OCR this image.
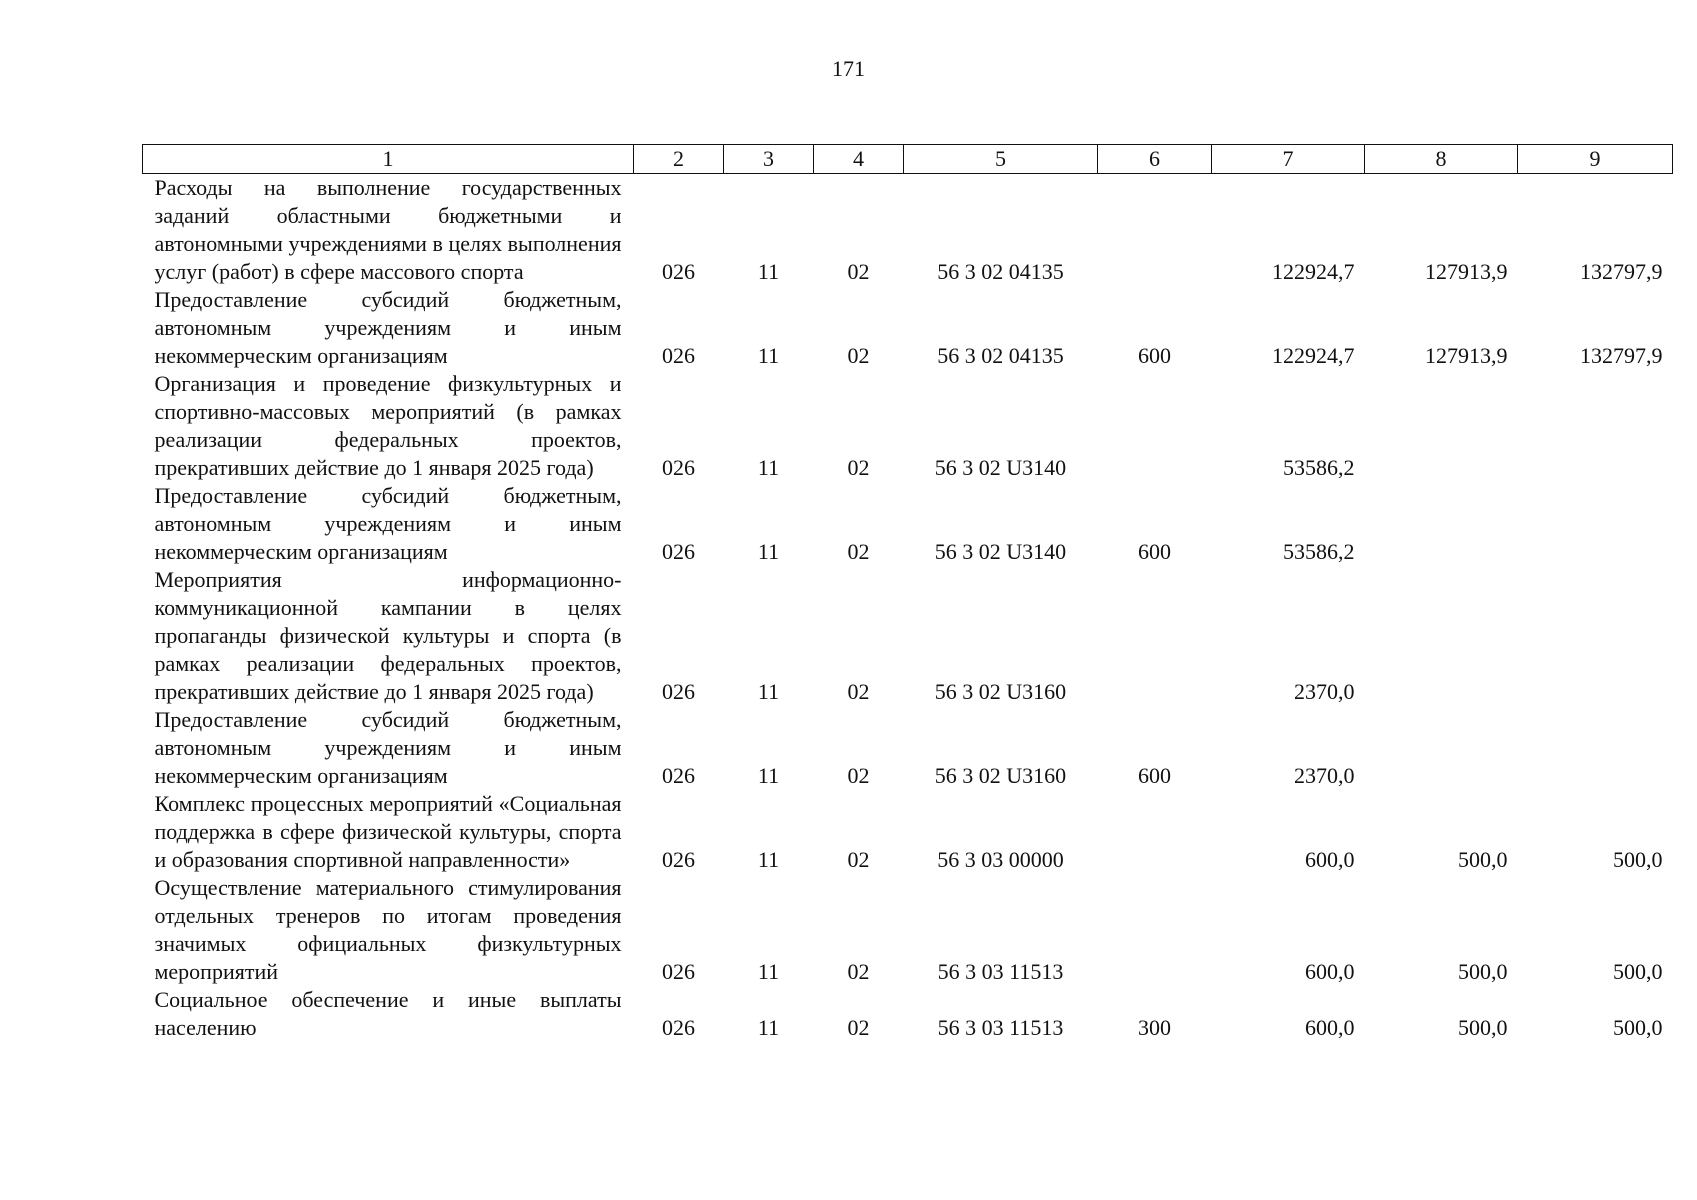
171
1	2	3	4	5	6	7	8	9
Расходы на выполнение государственных заданий областными бюджетными и автономными учреждениями в целях выполнения услуг (работ) в сфере массового спорта	026	11	02	56 3 02 04135		122924,7	127913,9	132797,9
Предоставление субсидий бюджетным, автономным учреждениям и иным некоммерческим организациям	026	11	02	56 3 02 04135	600	122924,7	127913,9	132797,9
Организация и проведение физкультурных и спортивно-массовых мероприятий (в рамках реализации федеральных проектов, прекративших действие до 1 января 2025 года)	026	11	02	56 3 02 U3140		53586,2		
Предоставление субсидий бюджетным, автономным учреждениям и иным некоммерческим организациям	026	11	02	56 3 02 U3140	600	53586,2		
Мероприятия информационно-коммуникационной кампании в целях пропаганды физической культуры и спорта (в рамках реализации федеральных проектов, прекративших действие до 1 января 2025 года)	026	11	02	56 3 02 U3160		2370,0		
Предоставление субсидий бюджетным, автономным учреждениям и иным некоммерческим организациям	026	11	02	56 3 02 U3160	600	2370,0		
Комплекс процессных мероприятий «Социальная поддержка в сфере физической культуры, спорта и образования спортивной направленности»	026	11	02	56 3 03 00000		600,0	500,0	500,0
Осуществление материального стимулирования отдельных тренеров по итогам проведения значимых официальных физкультурных мероприятий	026	11	02	56 3 03 11513		600,0	500,0	500,0
Социальное обеспечение и иные выплаты населению	026	11	02	56 3 03 11513	300	600,0	500,0	500,0
